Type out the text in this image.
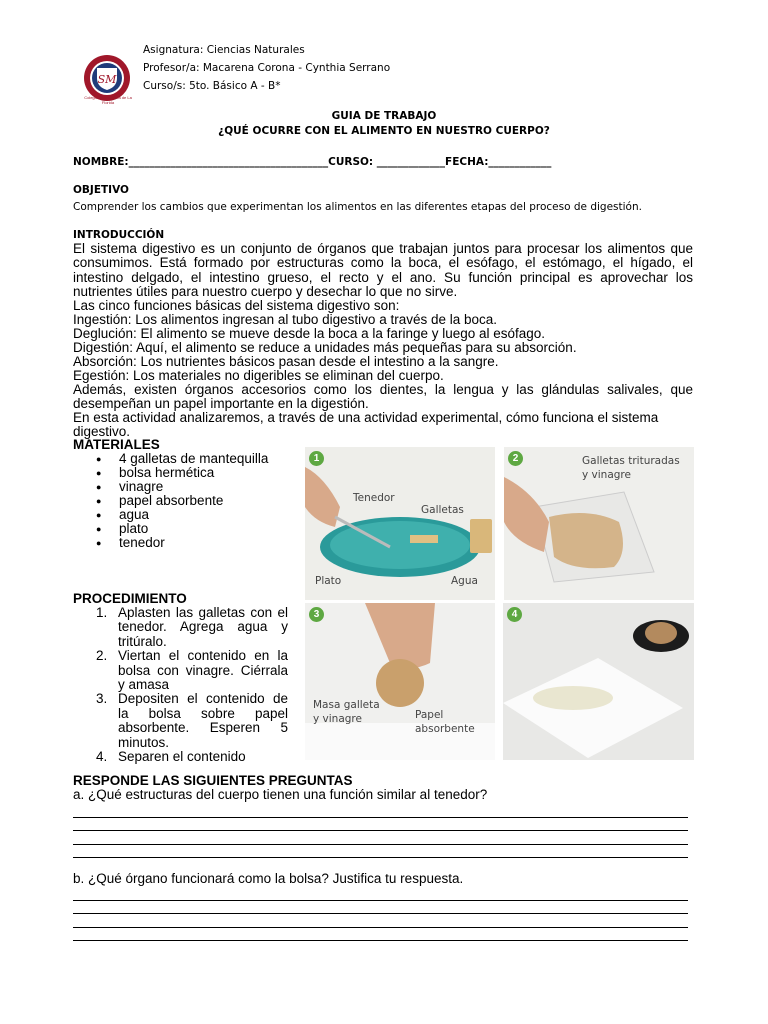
SM
Colegio Santa María de La Florida
Asignatura: Ciencias Naturales
Profesor/a: Macarena Corona - Cynthia Serrano
Curso/s: 5to. Básico A - B*
GUIA DE TRABAJO
¿QUÉ OCURRE CON EL ALIMENTO EN NUESTRO CUERPO?
NOMBRE:______________________________________CURSO: _____________FECHA:____________
OBJETIVO
Comprender los cambios que experimentan los alimentos en las diferentes etapas del proceso de digestión.
INTRODUCCIÓN
El sistema digestivo es un conjunto de órganos que trabajan juntos para procesar los alimentos que consumimos. Está formado por estructuras como la boca, el esófago, el estómago, el hígado, el intestino delgado, el intestino grueso, el recto y el ano. Su función principal es aprovechar los nutrientes útiles para nuestro cuerpo y desechar lo que no sirve.
Las cinco funciones básicas del sistema digestivo son:
Ingestión: Los alimentos ingresan al tubo digestivo a través de la boca.
Deglución: El alimento se mueve desde la boca a la faringe y luego al esófago.
Digestión: Aquí, el alimento se reduce a unidades más pequeñas para su absorción.
Absorción: Los nutrientes básicos pasan desde el intestino a la sangre.
Egestión: Los materiales no digeribles se eliminan del cuerpo.
Además, existen órganos accesorios como los dientes, la lengua y las glándulas salivales, que desempeñan un papel importante en la digestión.
En esta actividad analizaremos, a través de una actividad experimental, cómo funciona el sistema digestivo.
MATERIALES
● 4 galletas de mantequilla
● bolsa hermética
● vinagre
● papel absorbente
● agua
● plato
● tenedor
PROCEDIMIENTO
1. Aplasten las galletas con el tenedor. Agrega agua y tritúralo.
2. Viertan el contenido en la bolsa con vinagre. Ciérrala y amasa
3. Depositen el contenido de la bolsa sobre papel absorbente. Esperen 5 minutos.
4. Separen el contenido
1
Tenedor
Galletas
Plato	Agua
2	Galletas trituradas
y vinagre
3
Masa galleta
y vinagre	Papel
absorbente
4
RESPONDE LAS SIGUIENTES PREGUNTAS
a. ¿Qué estructuras del cuerpo tienen una función similar al tenedor?
b. ¿Qué órgano funcionará como la bolsa? Justifica tu respuesta.
